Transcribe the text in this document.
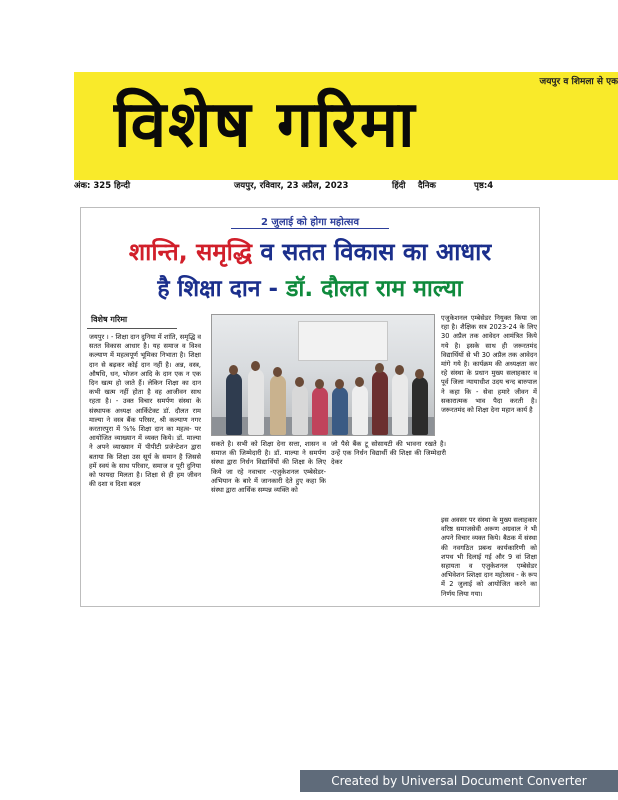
जयपुर व शिमला से एक
विशेष गरिमा
अंक: 325 हिन्दी	जयपुर, रविवार, 23 अप्रैल, 2023	हिंदी दैनिक	पृष्ठ:4
2 जुलाई को होगा महोत्सव
शान्ति, समृद्धि व सतत विकास का आधार
है शिक्षा दान - डॉ. दौलत राम माल्या
विशेष गरिमा
जयपुर । - शिक्षा दान दुनिया में शांति, समृद्धि व सतत विकास आधार है। यह समाज व विश्व कल्याण में महत्वपूर्ण भूमिका निभाता है। शिक्षा दान से बढ़कर कोई दान नहीं है। अन्न, वस्त्र, औषधि, धन, भोजन आदि के दान एक न एक दिन खत्म हो जाते हैं। लेकिन शिक्षा का दान कभी खत्म नहीं होता है वह आजीवन साथ रहता है। - उक्त विचार समर्पण संस्था के संस्थापक अध्यक्ष आर्किटेक्ट डॉ. दौलत राम माल्या ने वस्त्र बैंक परिसर, श्री कल्याण नगर करतारपुरा में %% शिक्षा दान का महत्व- पर आयोजित व्याख्यान में व्यक्त किये। डॉ. माल्या ने अपने व्याख्यान में पीपीटी प्रजेन्टेशन द्वारा बताया कि शिक्षा उस सूर्य के समान है जिससे हमें स्वयं के साथ परिवार, समाज व पूरी दुनिया को फायदा मिलता है। शिक्षा से ही हम जीवन की दशा व दिशा बदल
एजुकेशनल एम्बेसेडर नियुक्त किया जा रहा है। शैक्षिक सत्र 2023-24 के लिए 30 अप्रैल तक आवेदन आमंत्रित किये गये है। इसके साथ ही जरूरतमंद विद्यार्थियों से भी 30 अप्रैल तक आवेदन मांगे गये है। कार्यक्रम की अध्यक्षता कर रहे संस्था के प्रधान मुख्य सलाहकार व पूर्व जिला न्यायाधीश उदय चन्द बारुपाल ने कहा कि - सेवा हमारे जीवन में सकारात्मक भाव पैदा करती है। जरूरतमंद को शिक्षा देना महान कार्य है
सकते है। सभी को शिक्षा देना सत्ता, शासन व समाज की जिम्मेदारी है। डॉ. माल्या ने समर्पण संस्था द्वारा निर्धन विद्यार्थियों की शिक्षा के लिए किये जा रहे नवाचार -एजुकेशनल एम्बेसेडर- अभियान के बारे में जानकारी देते हुए कहा कि संस्था द्वारा आर्थिक सम्पन्न व्यक्ति को
जो पैसे बैंक टू सोसायटी की भावना रखते है। उन्हें एक निर्धन विद्यार्थी की शिक्षा की जिम्मेदारी देकर
इस अवसर पर संस्था के मुख्य सलाहकार वरिष्ठ समाजसेवी अरूण अग्रवाल ने भी अपने विचार व्यक्त किये। बैठक में संस्था की नवगठित प्रबन्ध कार्यकारिणी को शपथ भी दिलाई गई और 9 वां शिक्षा सहायता व एजुकेशनल एम्बेसेडर अभिवेशन श्शिक्षा दान महोत्सव - के रूप में 2 जुलाई को आयोजित करने का निर्णय लिया गया।
Created by Universal Document Converter
